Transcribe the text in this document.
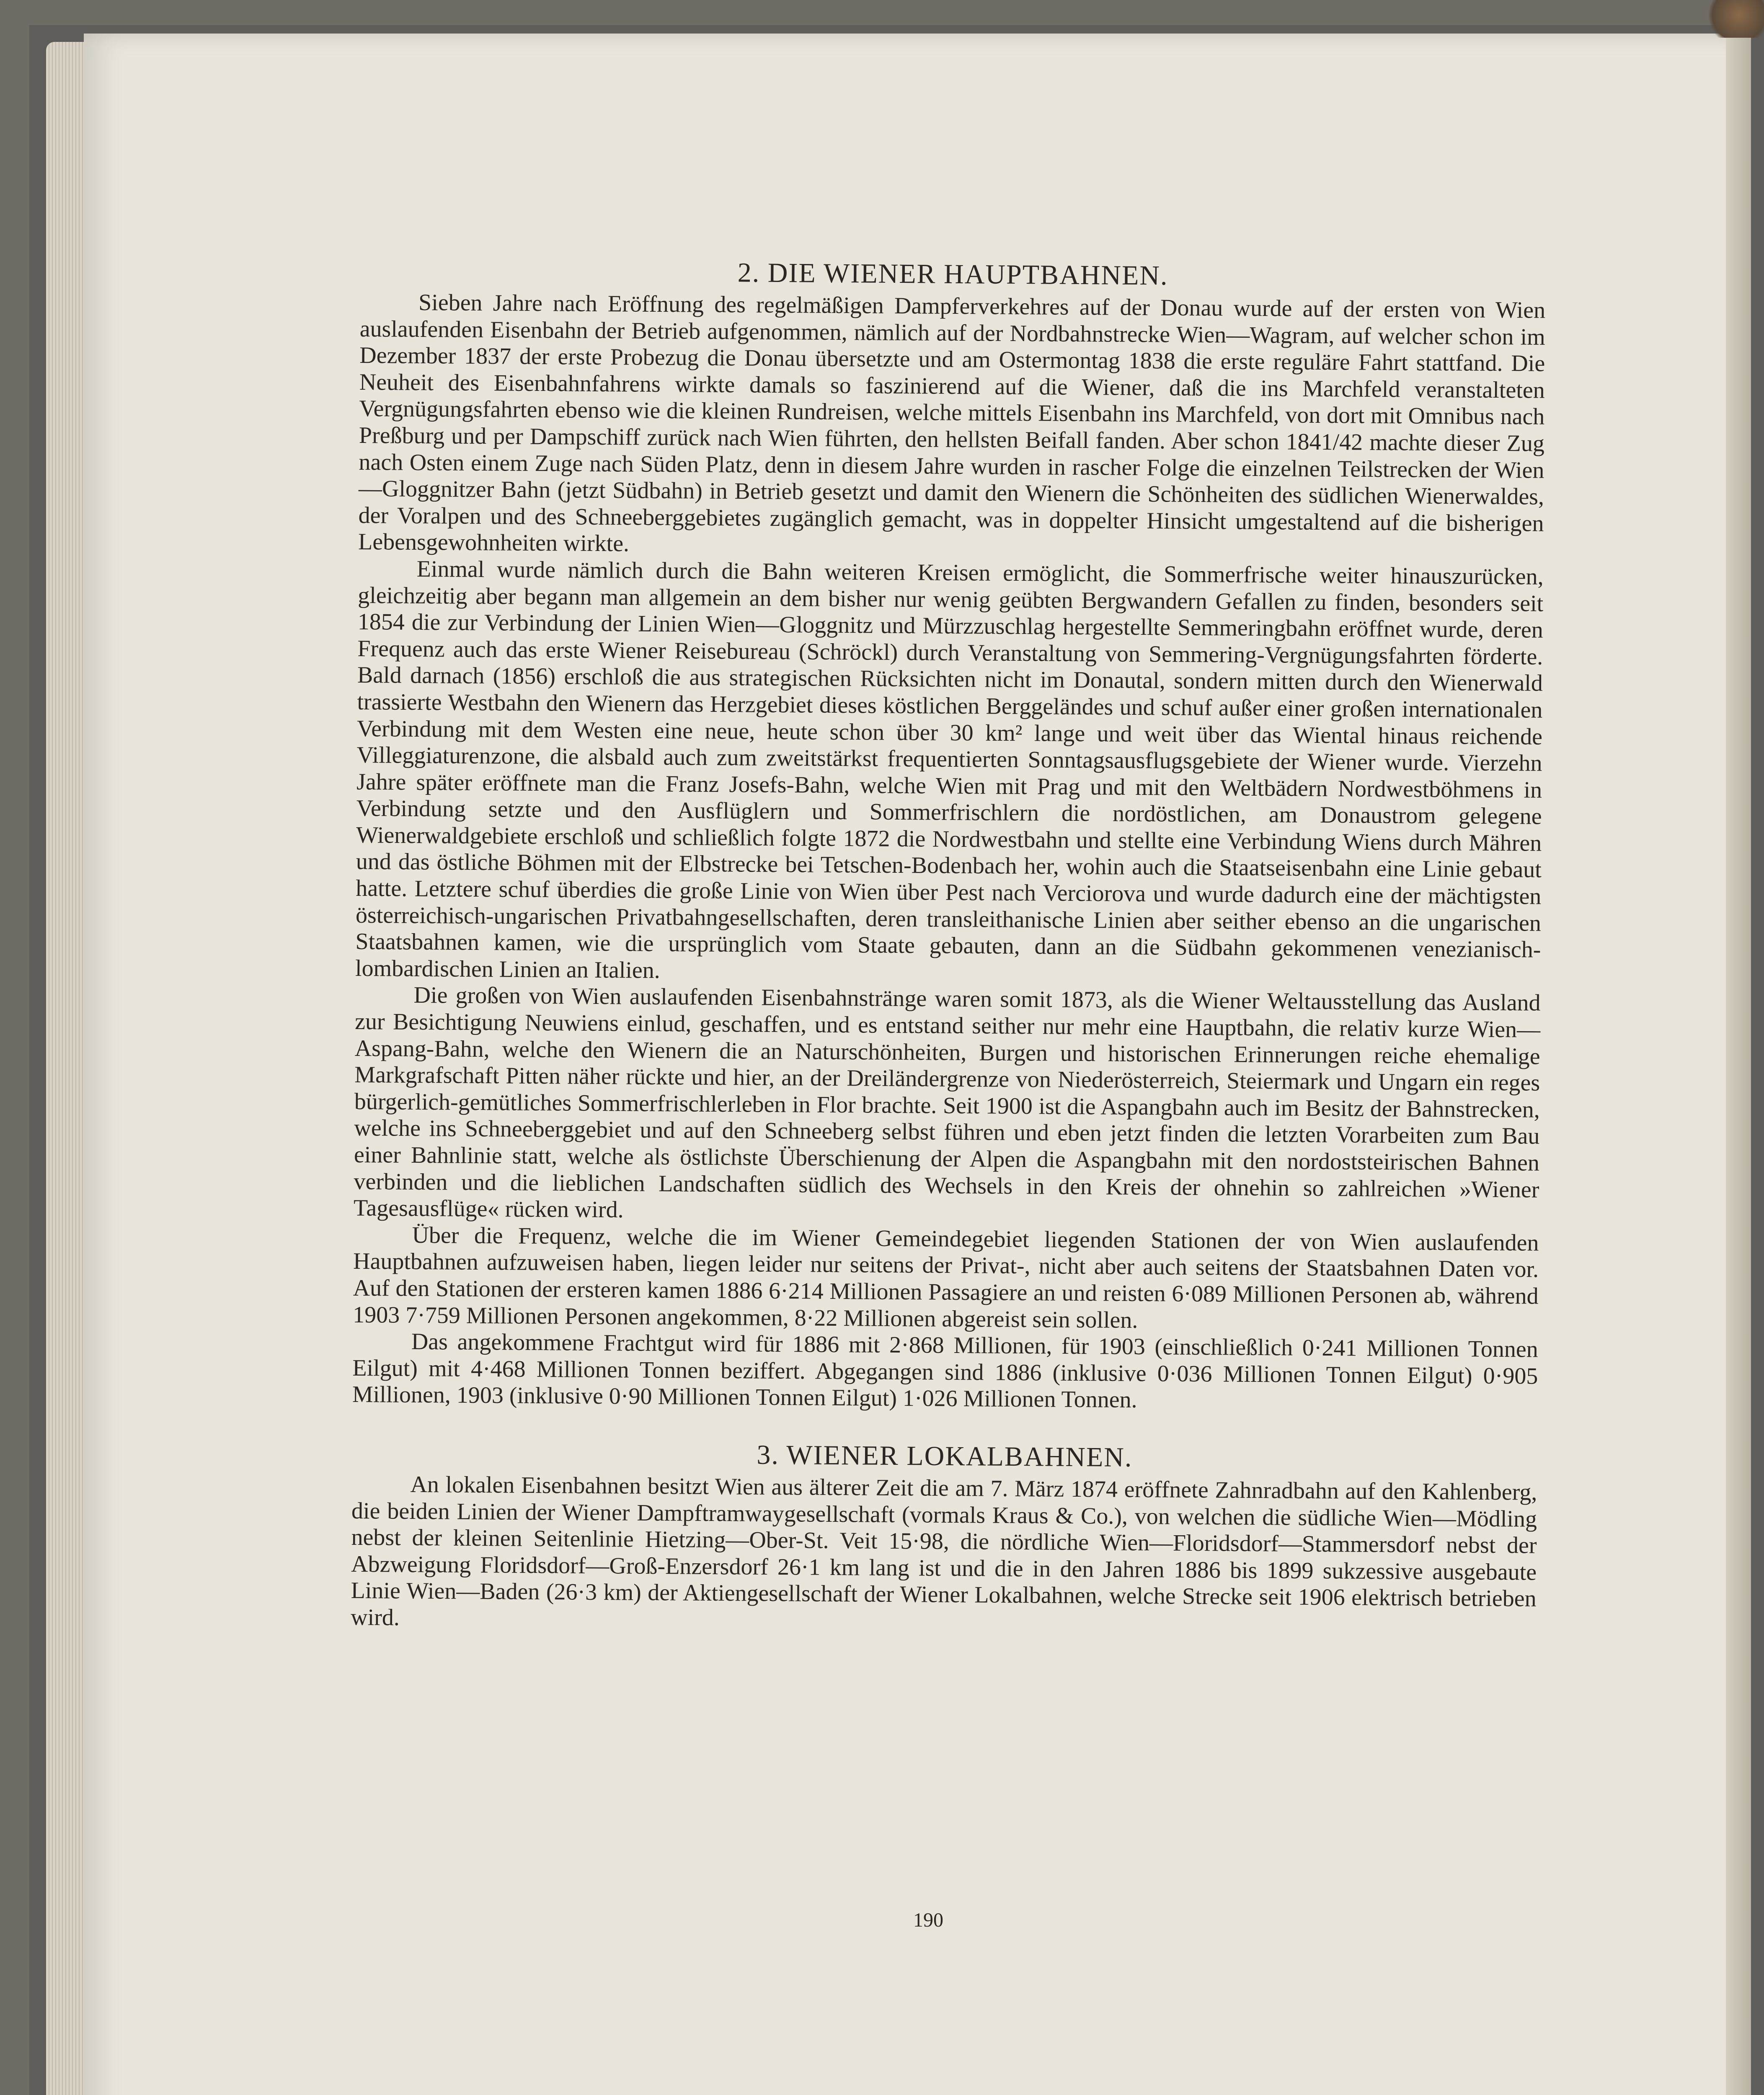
2. DIE WIENER HAUPTBAHNEN.

Sieben Jahre nach Eröffnung des regelmäßigen Dampferverkehres auf der Donau wurde auf der ersten von Wien auslaufenden Eisenbahn der Betrieb aufgenommen, nämlich auf der Nordbahnstrecke Wien—Wagram, auf welcher schon im Dezember 1837 der erste Probezug die Donau übersetzte und am Ostermontag 1838 die erste reguläre Fahrt stattfand. Die Neuheit des Eisenbahnfahrens wirkte damals so faszinierend auf die Wiener, daß die ins Marchfeld veranstalteten Vergnügungsfahrten ebenso wie die kleinen Rundreisen, welche mittels Eisenbahn ins Marchfeld, von dort mit Omnibus nach Preßburg und per Dampschiff zurück nach Wien führten, den hellsten Beifall fanden. Aber schon 1841/42 machte dieser Zug nach Osten einem Zuge nach Süden Platz, denn in diesem Jahre wurden in rascher Folge die einzelnen Teilstrecken der Wien—Gloggnitzer Bahn (jetzt Südbahn) in Betrieb gesetzt und damit den Wienern die Schönheiten des südlichen Wienerwaldes, der Voralpen und des Schneeberggebietes zugänglich gemacht, was in doppelter Hinsicht umgestaltend auf die bisherigen Lebensgewohnheiten wirkte.

Einmal wurde nämlich durch die Bahn weiteren Kreisen ermöglicht, die Sommerfrische weiter hinauszurücken, gleichzeitig aber begann man allgemein an dem bisher nur wenig geübten Bergwandern Gefallen zu finden, besonders seit 1854 die zur Verbindung der Linien Wien—Gloggnitz und Mürzzuschlag hergestellte Semmeringbahn eröffnet wurde, deren Frequenz auch das erste Wiener Reisebureau (Schröckl) durch Veranstaltung von Semmering-Vergnügungsfahrten förderte. Bald darnach (1856) erschloß die aus strategischen Rücksichten nicht im Donautal, sondern mitten durch den Wienerwald trassierte Westbahn den Wienern das Herzgebiet dieses köstlichen Berggeländes und schuf außer einer großen internationalen Verbindung mit dem Westen eine neue, heute schon über 30 km² lange und weit über das Wiental hinaus reichende Villeggiaturenzone, die alsbald auch zum zweitstärkst frequentierten Sonntagsausflugsgebiete der Wiener wurde. Vierzehn Jahre später eröffnete man die Franz Josefs-Bahn, welche Wien mit Prag und mit den Weltbädern Nordwestböhmens in Verbindung setzte und den Ausflüglern und Sommerfrischlern die nordöstlichen, am Donaustrom gelegene Wienerwaldgebiete erschloß und schließlich folgte 1872 die Nordwestbahn und stellte eine Verbindung Wiens durch Mähren und das östliche Böhmen mit der Elbstrecke bei Tetschen-Bodenbach her, wohin auch die Staatseisenbahn eine Linie gebaut hatte. Letztere schuf überdies die große Linie von Wien über Pest nach Verciorova und wurde dadurch eine der mächtigsten österreichisch-ungarischen Privatbahngesellschaften, deren transleithanische Linien aber seither ebenso an die ungarischen Staatsbahnen kamen, wie die ursprünglich vom Staate gebauten, dann an die Südbahn gekommenen venezianisch-lombardischen Linien an Italien.

Die großen von Wien auslaufenden Eisenbahnstränge waren somit 1873, als die Wiener Weltausstellung das Ausland zur Besichtigung Neuwiens einlud, geschaffen, und es entstand seither nur mehr eine Hauptbahn, die relativ kurze Wien—Aspang-Bahn, welche den Wienern die an Naturschönheiten, Burgen und historischen Erinnerungen reiche ehemalige Markgrafschaft Pitten näher rückte und hier, an der Dreiländergrenze von Niederösterreich, Steiermark und Ungarn ein reges bürgerlich-gemütliches Sommerfrischlerleben in Flor brachte. Seit 1900 ist die Aspangbahn auch im Besitz der Bahnstrecken, welche ins Schneeberggebiet und auf den Schneeberg selbst führen und eben jetzt finden die letzten Vorarbeiten zum Bau einer Bahnlinie statt, welche als östlichste Überschienung der Alpen die Aspangbahn mit den nordoststeirischen Bahnen verbinden und die lieblichen Landschaften südlich des Wechsels in den Kreis der ohnehin so zahlreichen »Wiener Tagesausflüge« rücken wird.

Über die Frequenz, welche die im Wiener Gemeindegebiet liegenden Stationen der von Wien auslaufenden Hauptbahnen aufzuweisen haben, liegen leider nur seitens der Privat-, nicht aber auch seitens der Staatsbahnen Daten vor. Auf den Stationen der ersteren kamen 1886 6·214 Millionen Passagiere an und reisten 6·089 Millionen Personen ab, während 1903 7·759 Millionen Personen angekommen, 8·22 Millionen abgereist sein sollen.

Das angekommene Frachtgut wird für 1886 mit 2·868 Millionen, für 1903 (einschließlich 0·241 Millionen Tonnen Eilgut) mit 4·468 Millionen Tonnen beziffert. Abgegangen sind 1886 (inklusive 0·036 Millionen Tonnen Eilgut) 0·905 Millionen, 1903 (inklusive 0·90 Millionen Tonnen Eilgut) 1·026 Millionen Tonnen.

3. WIENER LOKALBAHNEN.

An lokalen Eisenbahnen besitzt Wien aus älterer Zeit die am 7. März 1874 eröffnete Zahnradbahn auf den Kahlenberg, die beiden Linien der Wiener Dampftramwaygesellschaft (vormals Kraus & Co.), von welchen die südliche Wien—Mödling nebst der kleinen Seitenlinie Hietzing—Ober-St. Veit 15·98, die nördliche Wien—Floridsdorf—Stammersdorf nebst der Abzweigung Floridsdorf—Groß-Enzersdorf 26·1 km lang ist und die in den Jahren 1886 bis 1899 sukzessive ausgebaute Linie Wien—Baden (26·3 km) der Aktiengesellschaft der Wiener Lokalbahnen, welche Strecke seit 1906 elektrisch betrieben wird.

190
